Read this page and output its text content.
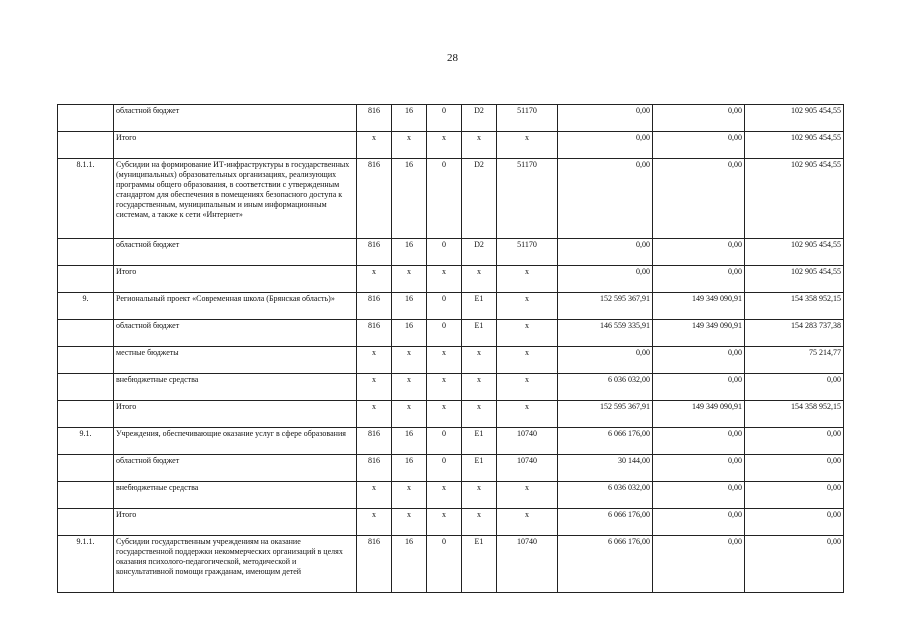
28
	областной бюджет	816	16	0	D2	51170	0,00	0,00	102 905 454,55
	Итого	x	x	x	x	x	0,00	0,00	102 905 454,55
8.1.1.	Субсидии на формирование ИТ-инфраструктуры в государственных (муниципальных) образовательных организациях, реализующих программы общего образования, в соответствии с утвержденным стандартом для обеспечения в помещениях безопасного доступа к государственным, муниципальным и иным информационным системам, а также к сети «Интернет»	816	16	0	D2	51170	0,00	0,00	102 905 454,55
	областной бюджет	816	16	0	D2	51170	0,00	0,00	102 905 454,55
	Итого	x	x	x	x	x	0,00	0,00	102 905 454,55
9.	Региональный проект «Современная школа (Брянская область)»	816	16	0	E1	x	152 595 367,91	149 349 090,91	154 358 952,15
	областной бюджет	816	16	0	E1	x	146 559 335,91	149 349 090,91	154 283 737,38
	местные бюджеты	x	x	x	x	x	0,00	0,00	75 214,77
	внебюджетные средства	x	x	x	x	x	6 036 032,00	0,00	0,00
	Итого	x	x	x	x	x	152 595 367,91	149 349 090,91	154 358 952,15
9.1.	Учреждения, обеспечивающие оказание услуг в сфере образования	816	16	0	E1	10740	6 066 176,00	0,00	0,00
	областной бюджет	816	16	0	E1	10740	30 144,00	0,00	0,00
	внебюджетные средства	x	x	x	x	x	6 036 032,00	0,00	0,00
	Итого	x	x	x	x	x	6 066 176,00	0,00	0,00
9.1.1.	Субсидии государственным учреждениям на оказание государственной поддержки некоммерческих организаций в целях оказания психолого-педагогической, методической и консультативной помощи гражданам, имеющим детей	816	16	0	E1	10740	6 066 176,00	0,00	0,00
